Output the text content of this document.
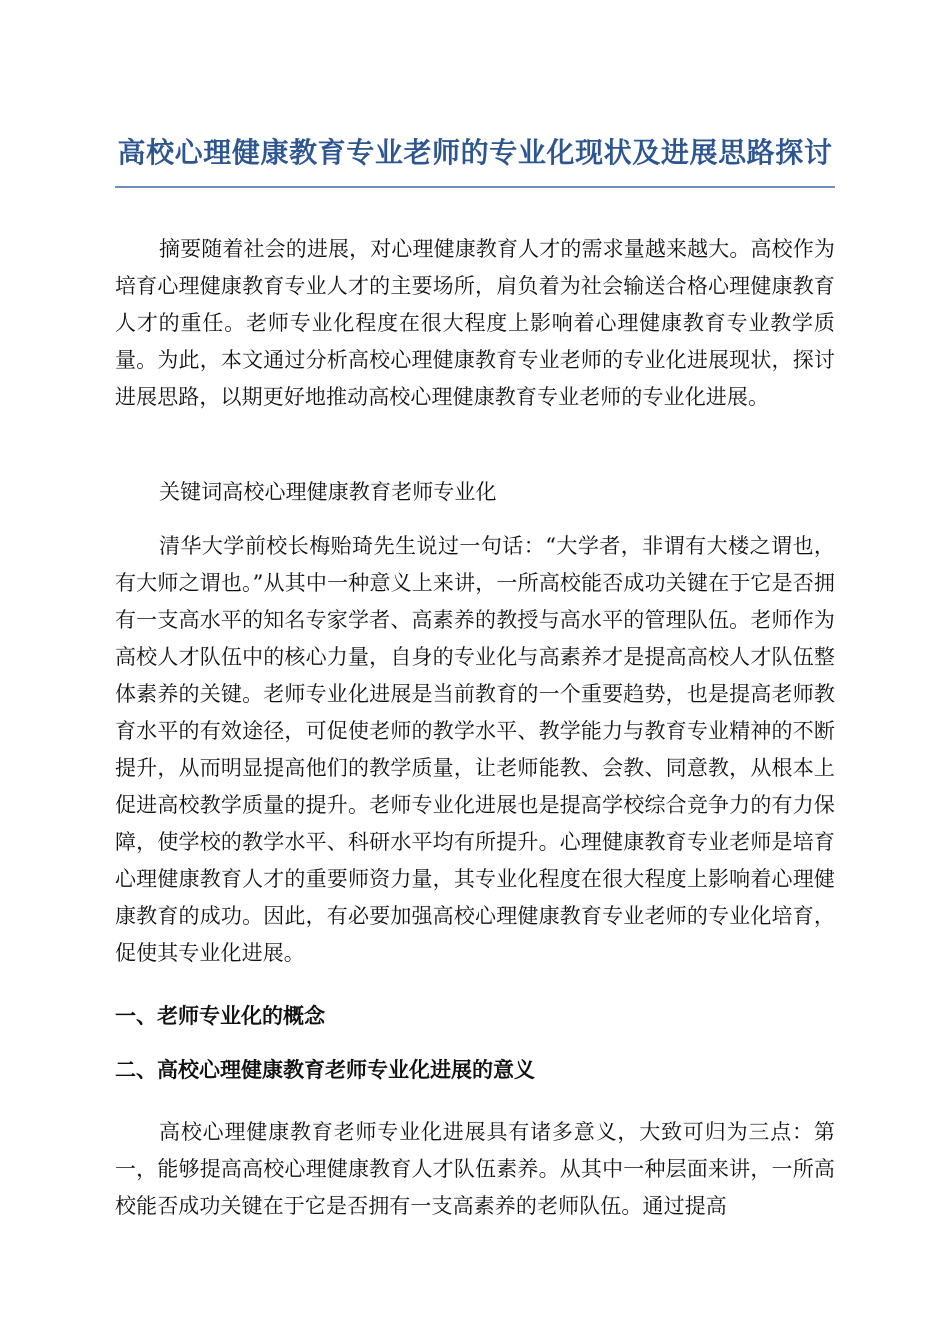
高校心理健康教育专业老师的专业化现状及进展思路探讨

摘要随着社会的进展，对心理健康教育人才的需求量越来越大。高校作为培育心理健康教育专业人才的主要场所，肩负着为社会输送合格心理健康教育人才的重任。老师专业化程度在很大程度上影响着心理健康教育专业教学质量。为此，本文通过分析高校心理健康教育专业老师的专业化进展现状，探讨进展思路，以期更好地推动高校心理健康教育专业老师的专业化进展。

关键词高校心理健康教育老师专业化

清华大学前校长梅贻琦先生说过一句话：“大学者，非谓有大楼之谓也，有大师之谓也。”从其中一种意义上来讲，一所高校能否成功关键在于它是否拥有一支高水平的知名专家学者、高素养的教授与高水平的管理队伍。老师作为高校人才队伍中的核心力量，自身的专业化与高素养才是提高高校人才队伍整体素养的关键。老师专业化进展是当前教育的一个重要趋势，也是提高老师教育水平的有效途径，可促使老师的教学水平、教学能力与教育专业精神的不断提升，从而明显提高他们的教学质量，让老师能教、会教、同意教，从根本上促进高校教学质量的提升。老师专业化进展也是提高学校综合竞争力的有力保障，使学校的教学水平、科研水平均有所提升。心理健康教育专业老师是培育心理健康教育人才的重要师资力量，其专业化程度在很大程度上影响着心理健康教育的成功。因此，有必要加强高校心理健康教育专业老师的专业化培育，促使其专业化进展。

一、老师专业化的概念
二、高校心理健康教育老师专业化进展的意义

高校心理健康教育老师专业化进展具有诸多意义，大致可归为三点：第一，能够提高高校心理健康教育人才队伍素养。从其中一种层面来讲，一所高校能否成功关键在于它是否拥有一支高素养的老师队伍。通过提高
